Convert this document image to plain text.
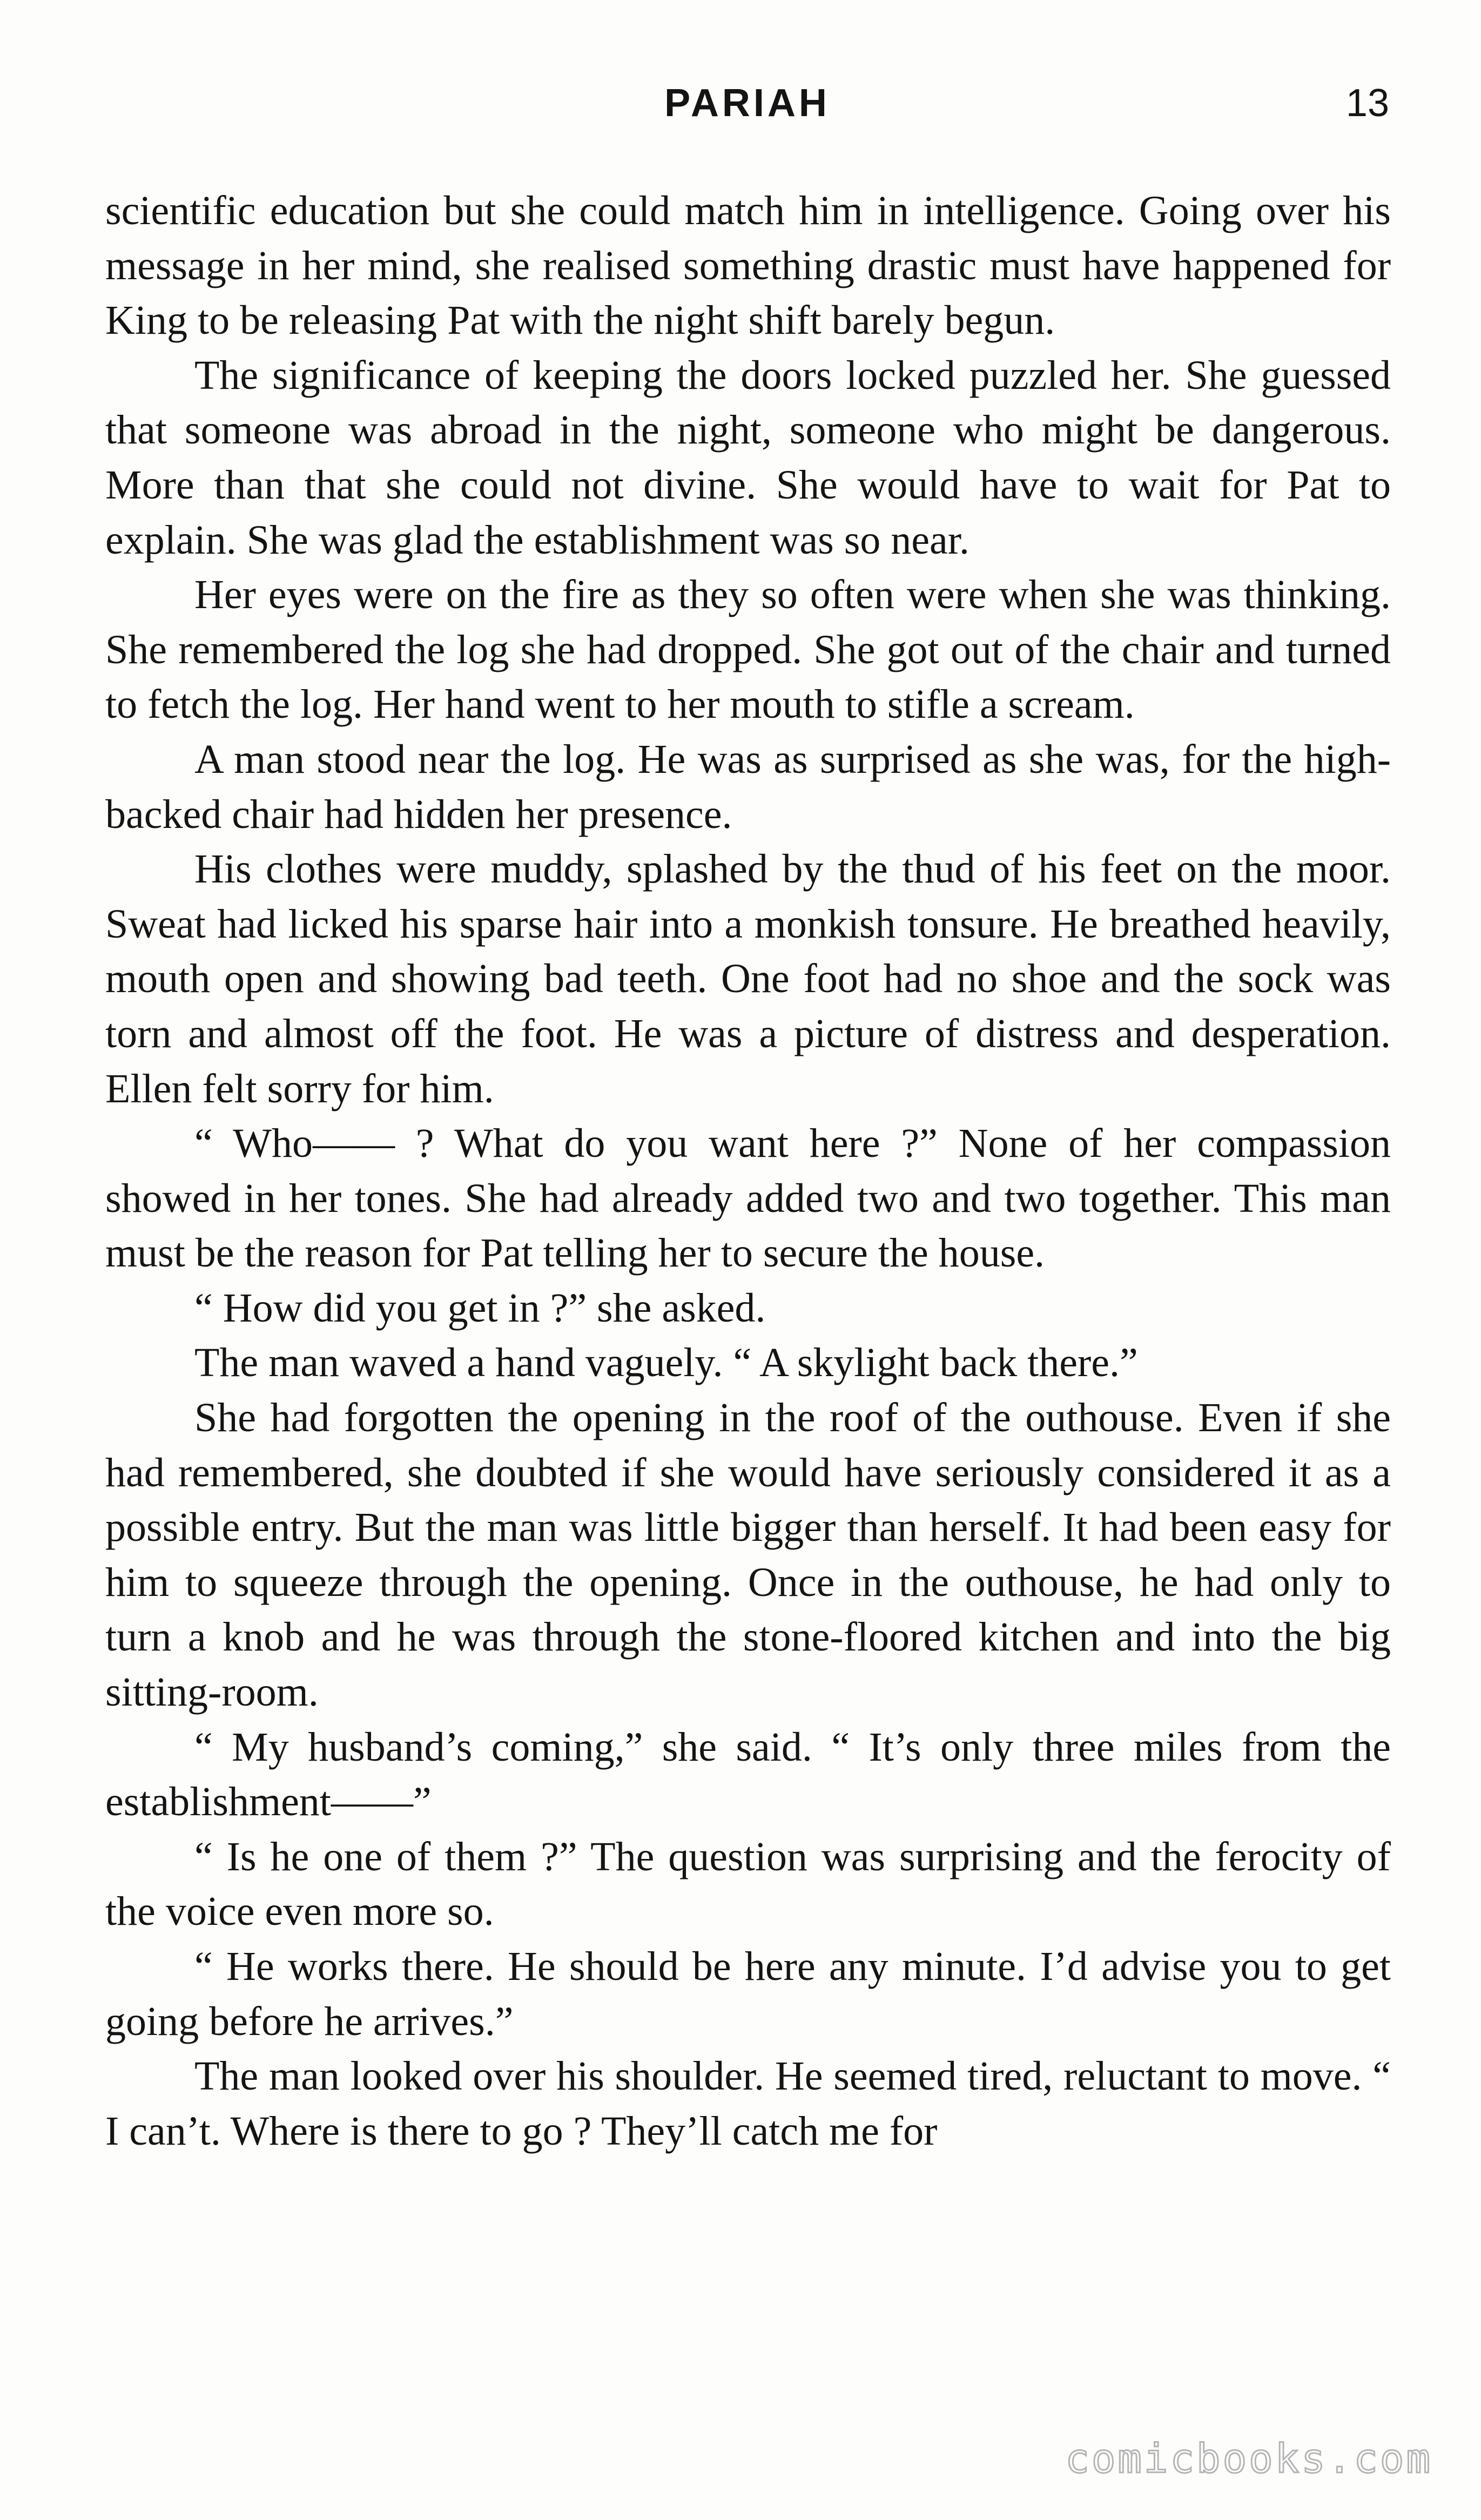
PARIAH	13

scientific education but she could match him in intelligence. Going over his message in her mind, she realised something drastic must have happened for King to be releasing Pat with the night shift barely begun.

The significance of keeping the doors locked puzzled her. She guessed that someone was abroad in the night, someone who might be dangerous. More than that she could not divine. She would have to wait for Pat to explain. She was glad the establishment was so near.

Her eyes were on the fire as they so often were when she was thinking. She remembered the log she had dropped. She got out of the chair and turned to fetch the log. Her hand went to her mouth to stifle a scream.

A man stood near the log. He was as surprised as she was, for the high-backed chair had hidden her presence.

His clothes were muddy, splashed by the thud of his feet on the moor. Sweat had licked his sparse hair into a monkish tonsure. He breathed heavily, mouth open and showing bad teeth. One foot had no shoe and the sock was torn and almost off the foot. He was a picture of distress and desperation. Ellen felt sorry for him.

“ Who—— ? What do you want here ?” None of her compassion showed in her tones. She had already added two and two together. This man must be the reason for Pat telling her to secure the house.

“ How did you get in ?” she asked.

The man waved a hand vaguely. “ A skylight back there.”

She had forgotten the opening in the roof of the outhouse. Even if she had remembered, she doubted if she would have seriously considered it as a possible entry. But the man was little bigger than herself. It had been easy for him to squeeze through the opening. Once in the outhouse, he had only to turn a knob and he was through the stone-floored kitchen and into the big sitting-room.

“ My husband’s coming,” she said. “ It’s only three miles from the establishment——”

“ Is he one of them ?” The question was surprising and the ferocity of the voice even more so.

“ He works there. He should be here any minute. I’d advise you to get going before he arrives.”

The man looked over his shoulder. He seemed tired, reluctant to move. “ I can’t. Where is there to go ? They’ll catch me for

comicbooks.com
